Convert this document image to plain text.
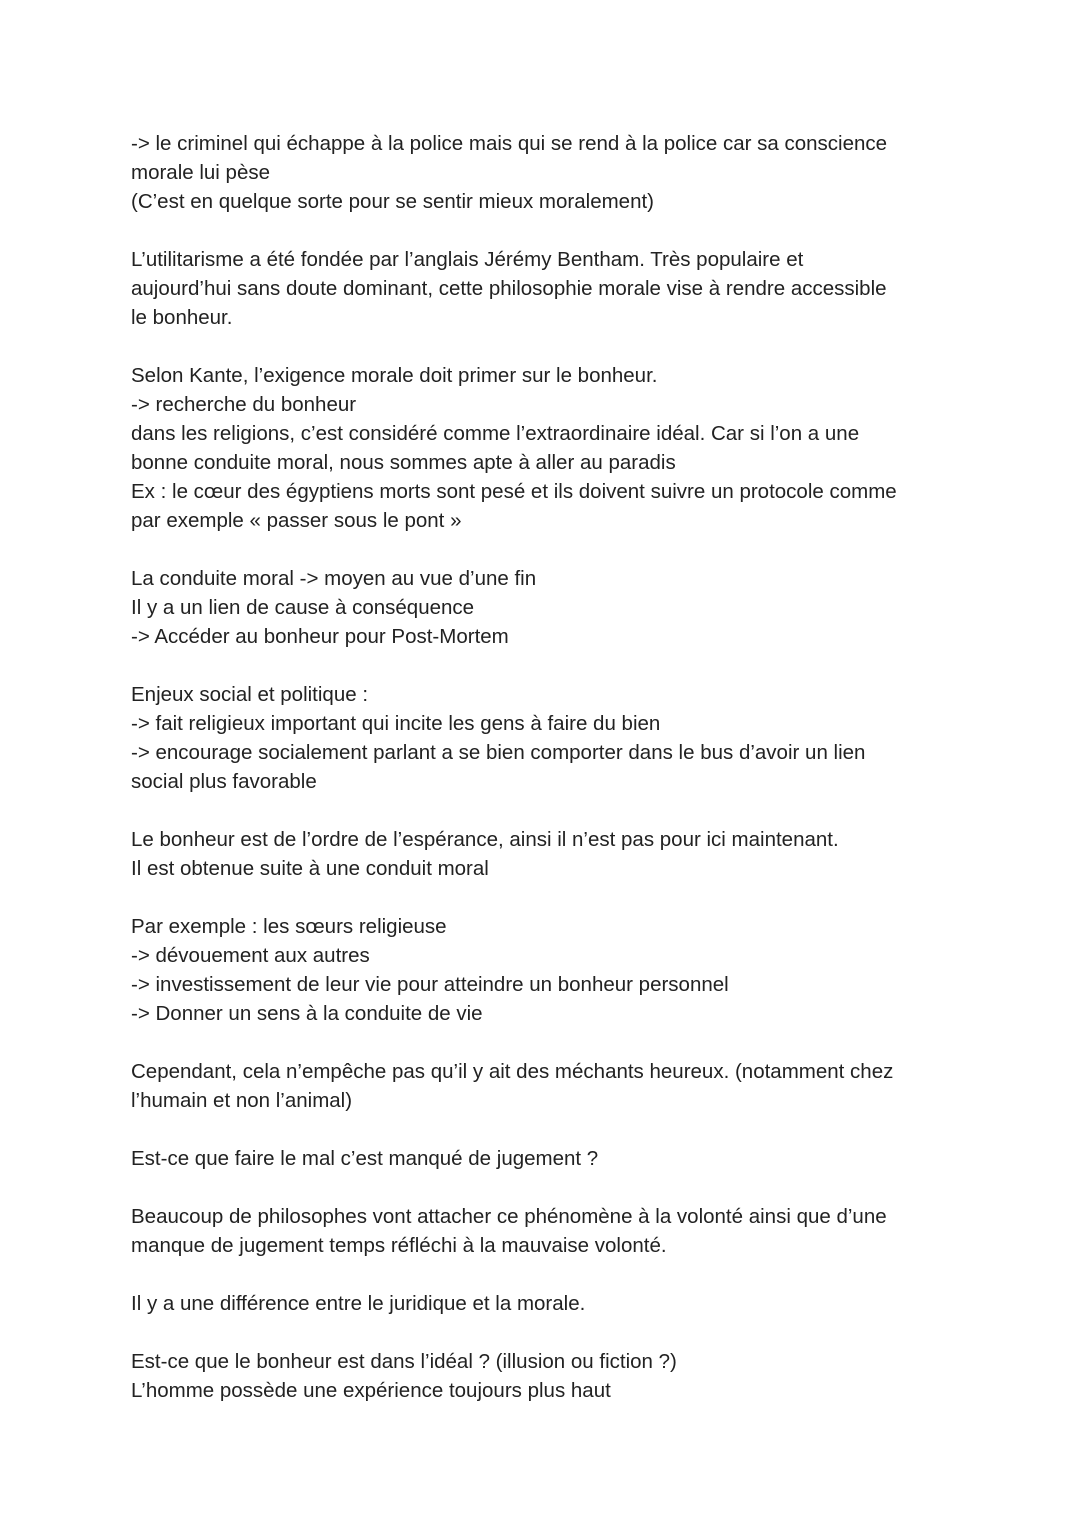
-> le criminel qui échappe à la police mais qui se rend à la police car sa conscience
morale lui pèse
(C’est en quelque sorte pour se sentir mieux moralement)
L’utilitarisme a été fondée par l’anglais Jérémy Bentham. Très populaire et
aujourd’hui sans doute dominant, cette philosophie morale vise à rendre accessible
le bonheur.
Selon Kante, l’exigence morale doit primer sur le bonheur.
-> recherche du bonheur
dans les religions, c’est considéré comme l’extraordinaire idéal. Car si l’on a une
bonne conduite moral, nous sommes apte à aller au paradis
Ex : le cœur des égyptiens morts sont pesé et ils doivent suivre un protocole comme
par exemple « passer sous le pont »
La conduite moral -> moyen au vue d’une fin
Il y a un lien de cause à conséquence
-> Accéder au bonheur pour Post-Mortem
Enjeux social et politique :
-> fait religieux important qui incite les gens à faire du bien
-> encourage socialement parlant a se bien comporter dans le bus d’avoir un lien
social plus favorable
Le bonheur est de l’ordre de l’espérance, ainsi il n’est pas pour ici maintenant.
Il est obtenue suite à une conduit moral
Par exemple : les sœurs religieuse
-> dévouement aux autres
-> investissement de leur vie pour atteindre un bonheur personnel
-> Donner un sens à la conduite de vie
Cependant, cela n’empêche pas qu’il y ait des méchants heureux. (notamment chez
l’humain et non l’animal)
Est-ce que faire le mal c’est manqué de jugement ?
Beaucoup de philosophes vont attacher ce phénomène à la volonté ainsi que d’une
manque de jugement temps réfléchi à la mauvaise volonté.
Il y a une différence entre le juridique et la morale.
Est-ce que le bonheur est dans l’idéal ? (illusion ou fiction ?)
L’homme possède une expérience toujours plus haut
